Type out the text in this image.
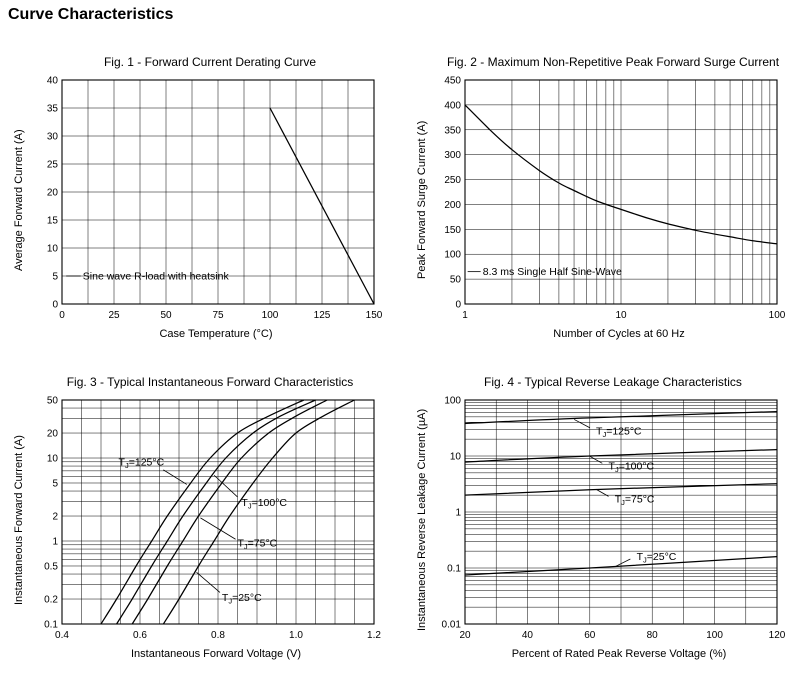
Curve Characteristics
Fig. 1 - Forward Current Derating Curve
Average Forward Current (A)
0	25	50	75	100	125	150
0
5
10
15
20
25
30
35
40
Sine wave R-load with heatsink
Case Temperature (°C)
Fig. 2 - Maximum Non-Repetitive Peak Forward Surge Current
Peak Forward Surge Current (A)
1	10	100
0
50
100
150
200
250
300
350
400
450
8.3 ms Single Half Sine-Wave
Number of Cycles at 60 Hz
Fig. 3 - Typical Instantaneous Forward Characteristics
Instantaneous Forward Current (A)
0.4	0.6	0.8	1.0	1.2
0.1
0.2
0.5
1
2
5
10
20
50
$T_J=125^\circ C$
$T_J=100^\circ C$
$T_J=75^\circ C$
$T_J=25^\circ C$
Instantaneous Forward Voltage (V)
Fig. 4 - Typical Reverse Leakage Characteristics
Instantaneous Reverse Leakage Current (µA)
20	40	60	80	100	120
0.01
0.1
1
10
100
$T_J=125^\circ C$
$T_J=100^\circ C$
$T_J=75^\circ C$
$T_J=25^\circ C$
Percent of Rated Peak Reverse Voltage (%)
